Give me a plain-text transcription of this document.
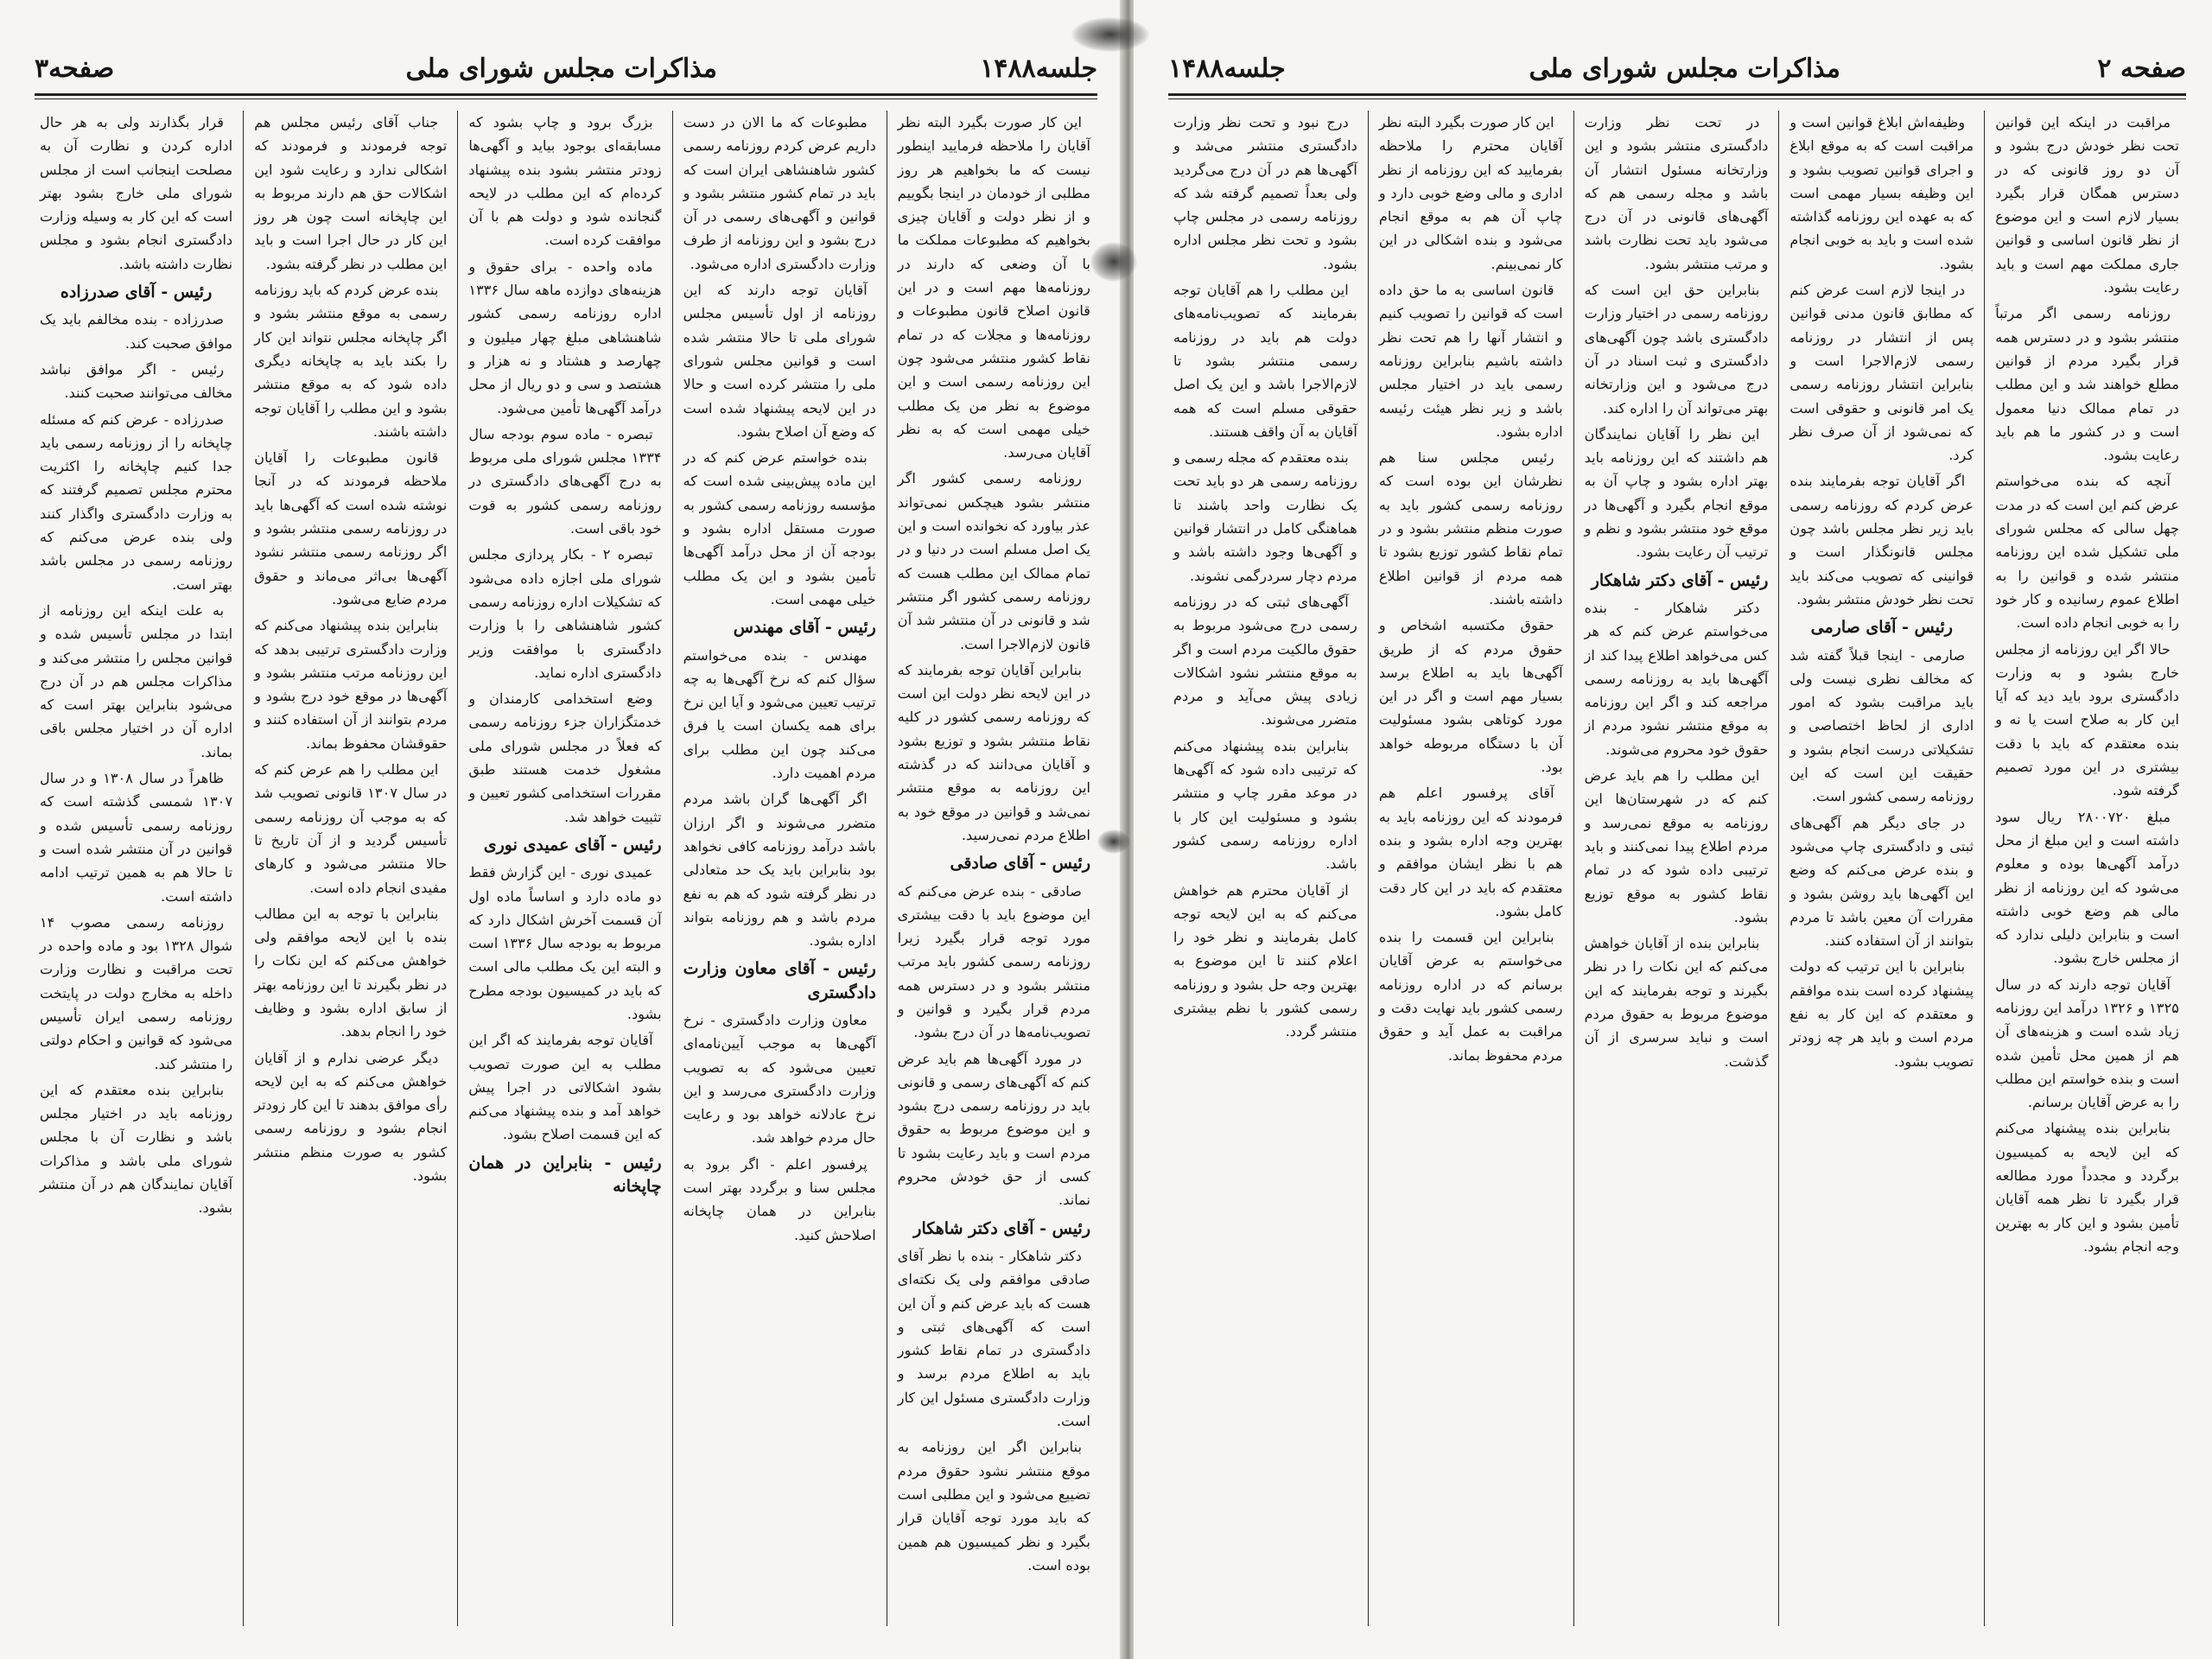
جلسه۱۴۸۸
مذاکرات مجلس شورای ملی
صفحه۳

این کار صورت بگیرد البته نظر آقایان را ملاحظه فرمایید اینطور نیست که ما بخواهیم هر روز مطلبی از خودمان در اینجا بگوییم و از نظر دولت و آقایان چیزی بخواهیم که مطبوعات مملکت ما با آن وضعی که دارند در روزنامه‌ها مهم است و در این قانون اصلاح قانون مطبوعات و روزنامه‌ها و مجلات که در تمام نقاط کشور منتشر می‌شود چون این روزنامه رسمی است و این موضوع به نظر من یک مطلب خیلی مهمی است که به نظر آقایان می‌رسد.

روزنامه رسمی کشور اگر منتشر بشود هیچکس نمی‌تواند عذر بیاورد که نخوانده است و این یک اصل مسلم است در دنیا و در تمام ممالک این مطلب هست که روزنامه رسمی کشور اگر منتشر شد و قانونی در آن منتشر شد آن قانون لازم‌الاجرا است.

بنابراین آقایان توجه بفرمایند که در این لایحه نظر دولت این است که روزنامه رسمی کشور در کلیه نقاط منتشر بشود و توزیع بشود و آقایان می‌دانند که در گذشته این روزنامه به موقع منتشر نمی‌شد و قوانین در موقع خود به اطلاع مردم نمی‌رسید.

رئیس - آقای صادقی

صادقی - بنده عرض می‌کنم که این موضوع باید با دقت بیشتری مورد توجه قرار بگیرد زیرا روزنامه رسمی کشور باید مرتب منتشر بشود و در دسترس همه مردم قرار بگیرد و قوانین و تصویب‌نامه‌ها در آن درج بشود.

در مورد آگهی‌ها هم باید عرض کنم که آگهی‌های رسمی و قانونی باید در روزنامه رسمی درج بشود و این موضوع مربوط به حقوق مردم است و باید رعایت بشود تا کسی از حق خودش محروم نماند.

رئیس - آقای دکتر شاهکار

دکتر شاهکار - بنده با نظر آقای صادقی موافقم ولی یک نکته‌ای هست که باید عرض کنم و آن این است که آگهی‌های ثبتی و دادگستری در تمام نقاط کشور باید به اطلاع مردم برسد و وزارت دادگستری مسئول این کار است.

بنابراین اگر این روزنامه به موقع منتشر نشود حقوق مردم تضییع می‌شود و این مطلبی است که باید مورد توجه آقایان قرار بگیرد و نظر کمیسیون هم همین بوده است.

مطبوعات که ما الان در دست داریم عرض کردم روزنامه رسمی کشور شاهنشاهی ایران است که باید در تمام کشور منتشر بشود و قوانین و آگهی‌های رسمی در آن درج بشود و این روزنامه از طرف وزارت دادگستری اداره می‌شود.

آقایان توجه دارند که این روزنامه از اول تأسیس مجلس شورای ملی تا حالا منتشر شده است و قوانین مجلس شورای ملی را منتشر کرده است و حالا در این لایحه پیشنهاد شده است که وضع آن اصلاح بشود.

بنده خواستم عرض کنم که در این ماده پیش‌بینی شده است که مؤسسه روزنامه رسمی کشور به صورت مستقل اداره بشود و بودجه آن از محل درآمد آگهی‌ها تأمین بشود و این یک مطلب خیلی مهمی است.

رئیس - آقای مهندس

مهندس - بنده می‌خواستم سؤال کنم که نرخ آگهی‌ها به چه ترتیب تعیین می‌شود و آیا این نرخ برای همه یکسان است یا فرق می‌کند چون این مطلب برای مردم اهمیت دارد.

اگر آگهی‌ها گران باشد مردم متضرر می‌شوند و اگر ارزان باشد درآمد روزنامه کافی نخواهد بود بنابراین باید یک حد متعادلی در نظر گرفته شود که هم به نفع مردم باشد و هم روزنامه بتواند اداره بشود.

رئیس - آقای معاون وزارت دادگستری

معاون وزارت دادگستری - نرخ آگهی‌ها به موجب آیین‌نامه‌ای تعیین می‌شود که به تصویب وزارت دادگستری می‌رسد و این نرخ عادلانه خواهد بود و رعایت حال مردم خواهد شد.

پرفسور اعلم - اگر برود به مجلس سنا و برگردد بهتر است بنابراین در همان چاپخانه اصلاحش کنید.

بزرگ برود و چاپ بشود که مسابقه‌ای بوجود بیاید و آگهی‌ها زودتر منتشر بشود بنده پیشنهاد کرده‌ام که این مطلب در لایحه گنجانده شود و دولت هم با آن موافقت کرده است.

ماده واحده - برای حقوق و هزینه‌های دوازده ماهه سال ۱۳۳۶ اداره روزنامه رسمی کشور شاهنشاهی مبلغ چهار میلیون و چهارصد و هشتاد و نه هزار و هشتصد و سی و دو ریال از محل درآمد آگهی‌ها تأمین می‌شود.

تبصره - ماده سوم بودجه سال ۱۳۳۴ مجلس شورای ملی مربوط به درج آگهی‌های دادگستری در روزنامه رسمی کشور به قوت خود باقی است.

تبصره ۲ - بکار پردازی مجلس شورای ملی اجازه داده می‌شود که تشکیلات اداره روزنامه رسمی کشور شاهنشاهی را با وزارت دادگستری با موافقت وزیر دادگستری اداره نماید.

وضع استخدامی کارمندان و خدمتگزاران جزء روزنامه رسمی که فعلاً در مجلس شورای ملی مشغول خدمت هستند طبق مقررات استخدامی کشور تعیین و تثبیت خواهد شد.

رئیس - آقای عمیدی نوری

عمیدی نوری - این گزارش فقط دو ماده دارد و اساساً ماده اول آن قسمت آخرش اشکال دارد که مربوط به بودجه سال ۱۳۳۶ است و البته این یک مطلب مالی است که باید در کمیسیون بودجه مطرح بشود.

آقایان توجه بفرمایند که اگر این مطلب به این صورت تصویب بشود اشکالاتی در اجرا پیش خواهد آمد و بنده پیشنهاد می‌کنم که این قسمت اصلاح بشود.

رئیس - بنابراین در همان چاپخانه

جناب آقای رئیس مجلس هم توجه فرمودند و فرمودند که اشکالی ندارد و رعایت شود این اشکالات حق هم دارند مربوط به این چاپخانه است چون هر روز این کار در حال اجرا است و باید این مطلب در نظر گرفته بشود.

بنده عرض کردم که باید روزنامه رسمی به موقع منتشر بشود و اگر چاپخانه مجلس نتواند این کار را بکند باید به چاپخانه دیگری داده شود که به موقع منتشر بشود و این مطلب را آقایان توجه داشته باشند.

قانون مطبوعات را آقایان ملاحظه فرمودند که در آنجا نوشته شده است که آگهی‌ها باید در روزنامه رسمی منتشر بشود و اگر روزنامه رسمی منتشر نشود آگهی‌ها بی‌اثر می‌ماند و حقوق مردم ضایع می‌شود.

بنابراین بنده پیشنهاد می‌کنم که وزارت دادگستری ترتیبی بدهد که این روزنامه مرتب منتشر بشود و آگهی‌ها در موقع خود درج بشود و مردم بتوانند از آن استفاده کنند و حقوقشان محفوظ بماند.

این مطلب را هم عرض کنم که در سال ۱۳۰۷ قانونی تصویب شد که به موجب آن روزنامه رسمی تأسیس گردید و از آن تاریخ تا حالا منتشر می‌شود و کارهای مفیدی انجام داده است.

بنابراین با توجه به این مطالب بنده با این لایحه موافقم ولی خواهش می‌کنم که این نکات را در نظر بگیرند تا این روزنامه بهتر از سابق اداره بشود و وظایف خود را انجام بدهد.

دیگر عرضی ندارم و از آقایان خواهش می‌کنم که به این لایحه رأی موافق بدهند تا این کار زودتر انجام بشود و روزنامه رسمی کشور به صورت منظم منتشر بشود.

قرار بگذارند ولی به هر حال اداره کردن و نظارت آن به مصلحت اینجانب است از مجلس شورای ملی خارج بشود بهتر است که این کار به وسیله وزارت دادگستری انجام بشود و مجلس نظارت داشته باشد.

رئیس - آقای صدرزاده

صدرزاده - بنده مخالفم باید یک موافق صحبت کند.

رئیس - اگر موافق نباشد مخالف می‌توانند صحبت کنند.

صدرزاده - عرض کنم که مسئله چاپخانه را از روزنامه رسمی باید جدا کنیم چاپخانه را اکثریت محترم مجلس تصمیم گرفتند که به وزارت دادگستری واگذار کنند ولی بنده عرض می‌کنم که روزنامه رسمی در مجلس باشد بهتر است.

به علت اینکه این روزنامه از ابتدا در مجلس تأسیس شده و قوانین مجلس را منتشر می‌کند و مذاکرات مجلس هم در آن درج می‌شود بنابراین بهتر است که اداره آن در اختیار مجلس باقی بماند.

ظاهراً در سال ۱۳۰۸ و در سال ۱۳۰۷ شمسی گذشته است که روزنامه رسمی تأسیس شده و قوانین در آن منتشر شده است و تا حالا هم به همین ترتیب ادامه داشته است.

روزنامه رسمی مصوب ۱۴ شوال ۱۳۲۸ بود و ماده واحده در تحت مراقبت و نظارت وزارت داخله به مخارج دولت در پایتخت روزنامه رسمی ایران تأسیس می‌شود که قوانین و احکام دولتی را منتشر کند.

بنابراین بنده معتقدم که این روزنامه باید در اختیار مجلس باشد و نظارت آن با مجلس شورای ملی باشد و مذاکرات آقایان نمایندگان هم در آن منتشر بشود.

صفحه ۲
مذاکرات مجلس شورای ملی
جلسه۱۴۸۸

مراقبت در اینکه این قوانین تحت نظر خودش درج بشود و آن دو روز قانونی که در دسترس همگان قرار بگیرد بسیار لازم است و این موضوع از نظر قانون اساسی و قوانین جاری مملکت مهم است و باید رعایت بشود.

روزنامه رسمی اگر مرتباً منتشر بشود و در دسترس همه قرار بگیرد مردم از قوانین مطلع خواهند شد و این مطلب در تمام ممالک دنیا معمول است و در کشور ما هم باید رعایت بشود.

آنچه که بنده می‌خواستم عرض کنم این است که در مدت چهل سالی که مجلس شورای ملی تشکیل شده این روزنامه منتشر شده و قوانین را به اطلاع عموم رسانیده و کار خود را به خوبی انجام داده است.

حالا اگر این روزنامه از مجلس خارج بشود و به وزارت دادگستری برود باید دید که آیا این کار به صلاح است یا نه و بنده معتقدم که باید با دقت بیشتری در این مورد تصمیم گرفته شود.

مبلغ ۲۸۰۰۷۲۰ ریال سود داشته است و این مبلغ از محل درآمد آگهی‌ها بوده و معلوم می‌شود که این روزنامه از نظر مالی هم وضع خوبی داشته است و بنابراین دلیلی ندارد که از مجلس خارج بشود.

آقایان توجه دارند که در سال ۱۳۲۵ و ۱۳۲۶ درآمد این روزنامه زیاد شده است و هزینه‌های آن هم از همین محل تأمین شده است و بنده خواستم این مطلب را به عرض آقایان برسانم.

بنابراین بنده پیشنهاد می‌کنم که این لایحه به کمیسیون برگردد و مجدداً مورد مطالعه قرار بگیرد تا نظر همه آقایان تأمین بشود و این کار به بهترین وجه انجام بشود.

وظیفه‌اش ابلاغ قوانین است و مراقبت است که به موقع ابلاغ و اجرای قوانین تصویب بشود و این وظیفه بسیار مهمی است که به عهده این روزنامه گذاشته شده است و باید به خوبی انجام بشود.

در اینجا لازم است عرض کنم که مطابق قانون مدنی قوانین پس از انتشار در روزنامه رسمی لازم‌الاجرا است و بنابراین انتشار روزنامه رسمی یک امر قانونی و حقوقی است که نمی‌شود از آن صرف نظر کرد.

اگر آقایان توجه بفرمایند بنده عرض کردم که روزنامه رسمی باید زیر نظر مجلس باشد چون مجلس قانونگذار است و قوانینی که تصویب می‌کند باید تحت نظر خودش منتشر بشود.

رئیس - آقای صارمی

صارمی - اینجا قبلاً گفته شد که مخالف نظری نیست ولی باید مراقبت بشود که امور اداری از لحاظ اختصاصی و تشکیلاتی درست انجام بشود و حقیقت این است که این روزنامه رسمی کشور است.

در جای دیگر هم آگهی‌های ثبتی و دادگستری چاپ می‌شود و بنده عرض می‌کنم که وضع این آگهی‌ها باید روشن بشود و مقررات آن معین باشد تا مردم بتوانند از آن استفاده کنند.

بنابراین با این ترتیب که دولت پیشنهاد کرده است بنده موافقم و معتقدم که این کار به نفع مردم است و باید هر چه زودتر تصویب بشود.

در تحت نظر وزارت دادگستری منتشر بشود و این وزارتخانه مسئول انتشار آن باشد و مجله رسمی هم که آگهی‌های قانونی در آن درج می‌شود باید تحت نظارت باشد و مرتب منتشر بشود.

بنابراین حق این است که روزنامه رسمی در اختیار وزارت دادگستری باشد چون آگهی‌های دادگستری و ثبت اسناد در آن درج می‌شود و این وزارتخانه بهتر می‌تواند آن را اداره کند.

این نظر را آقایان نمایندگان هم داشتند که این روزنامه باید بهتر اداره بشود و چاپ آن به موقع انجام بگیرد و آگهی‌ها در موقع خود منتشر بشود و نظم و ترتیب آن رعایت بشود.

رئیس - آقای دکتر شاهکار

دکتر شاهکار - بنده می‌خواستم عرض کنم که هر کس می‌خواهد اطلاع پیدا کند از آگهی‌ها باید به روزنامه رسمی مراجعه کند و اگر این روزنامه به موقع منتشر نشود مردم از حقوق خود محروم می‌شوند.

این مطلب را هم باید عرض کنم که در شهرستان‌ها این روزنامه به موقع نمی‌رسد و مردم اطلاع پیدا نمی‌کنند و باید ترتیبی داده شود که در تمام نقاط کشور به موقع توزیع بشود.

بنابراین بنده از آقایان خواهش می‌کنم که این نکات را در نظر بگیرند و توجه بفرمایند که این موضوع مربوط به حقوق مردم است و نباید سرسری از آن گذشت.

این کار صورت بگیرد البته نظر آقایان محترم را ملاحظه بفرمایید که این روزنامه از نظر اداری و مالی وضع خوبی دارد و چاپ آن هم به موقع انجام می‌شود و بنده اشکالی در این کار نمی‌بینم.

قانون اساسی به ما حق داده است که قوانین را تصویب کنیم و انتشار آنها را هم تحت نظر داشته باشیم بنابراین روزنامه رسمی باید در اختیار مجلس باشد و زیر نظر هیئت رئیسه اداره بشود.

رئیس مجلس سنا هم نظرشان این بوده است که روزنامه رسمی کشور باید به صورت منظم منتشر بشود و در تمام نقاط کشور توزیع بشود تا همه مردم از قوانین اطلاع داشته باشند.

حقوق مکتسبه اشخاص و حقوق مردم که از طریق آگهی‌ها باید به اطلاع برسد بسیار مهم است و اگر در این مورد کوتاهی بشود مسئولیت آن با دستگاه مربوطه خواهد بود.

آقای پرفسور اعلم هم فرمودند که این روزنامه باید به بهترین وجه اداره بشود و بنده هم با نظر ایشان موافقم و معتقدم که باید در این کار دقت کامل بشود.

بنابراین این قسمت را بنده می‌خواستم به عرض آقایان برسانم که در اداره روزنامه رسمی کشور باید نهایت دقت و مراقبت به عمل آید و حقوق مردم محفوظ بماند.

درج نبود و تحت نظر وزارت دادگستری منتشر می‌شد و آگهی‌ها هم در آن درج می‌گردید ولی بعداً تصمیم گرفته شد که روزنامه رسمی در مجلس چاپ بشود و تحت نظر مجلس اداره بشود.

این مطلب را هم آقایان توجه بفرمایند که تصویب‌نامه‌های دولت هم باید در روزنامه رسمی منتشر بشود تا لازم‌الاجرا باشد و این یک اصل حقوقی مسلم است که همه آقایان به آن واقف هستند.

بنده معتقدم که مجله رسمی و روزنامه رسمی هر دو باید تحت یک نظارت واحد باشند تا هماهنگی کامل در انتشار قوانین و آگهی‌ها وجود داشته باشد و مردم دچار سردرگمی نشوند.

آگهی‌های ثبتی که در روزنامه رسمی درج می‌شود مربوط به حقوق مالکیت مردم است و اگر به موقع منتشر نشود اشکالات زیادی پیش می‌آید و مردم متضرر می‌شوند.

بنابراین بنده پیشنهاد می‌کنم که ترتیبی داده شود که آگهی‌ها در موعد مقرر چاپ و منتشر بشود و مسئولیت این کار با اداره روزنامه رسمی کشور باشد.

از آقایان محترم هم خواهش می‌کنم که به این لایحه توجه کامل بفرمایند و نظر خود را اعلام کنند تا این موضوع به بهترین وجه حل بشود و روزنامه رسمی کشور با نظم بیشتری منتشر گردد.
